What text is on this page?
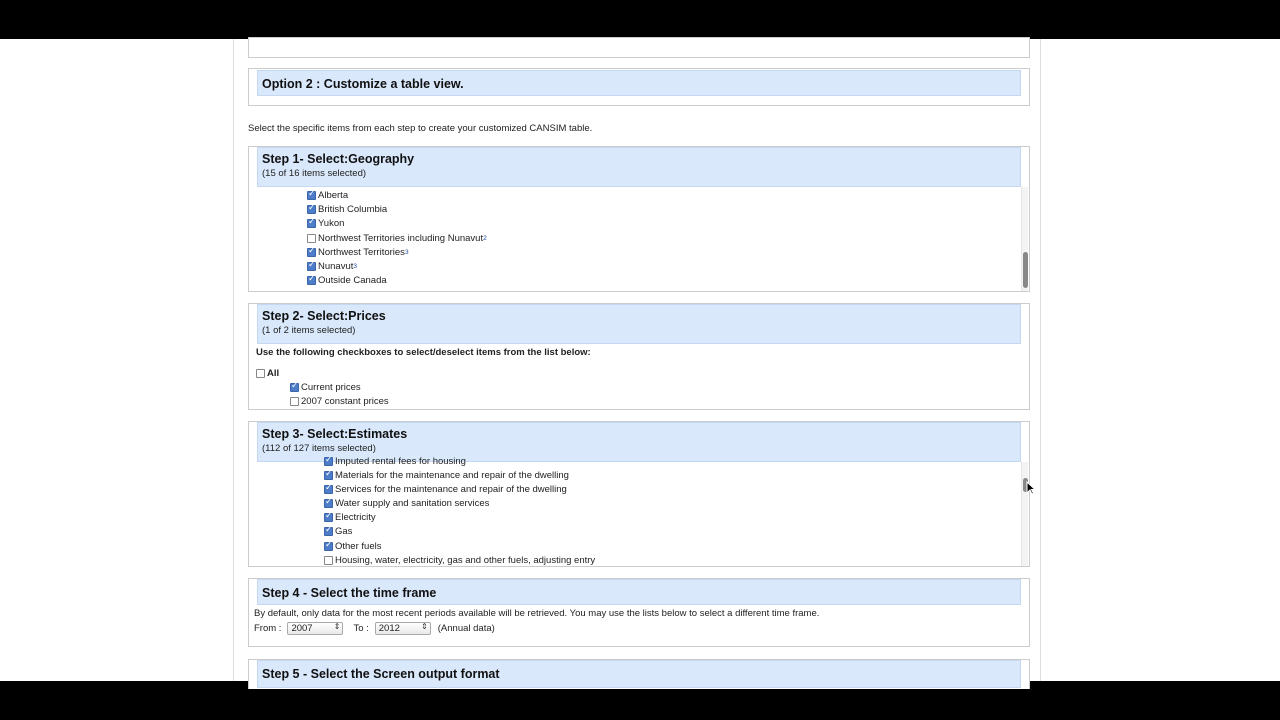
Option 2 : Customize a table view.
Select the specific items from each step to create your customized CANSIM table.
Step 1- Select:Geography
(15 of 16 items selected)
✓
Alberta
✓
British Columbia
✓
Yukon
Northwest Territories including Nunavut 2
✓
Northwest Territories 3
✓
Nunavut 3
✓
Outside Canada
Step 2- Select:Prices
(1 of 2 items selected)
Use the following checkboxes to select/deselect items from the list below:
All
✓
Current prices
2007 constant prices
Step 3- Select:Estimates
(112 of 127 items selected)
✓
Imputed rental fees for housing
✓
Materials for the maintenance and repair of the dwelling
✓
Services for the maintenance and repair of the dwelling
✓
Water supply and sanitation services
✓
Electricity
✓
Gas
✓
Other fuels
Housing, water, electricity, gas and other fuels, adjusting entry
Step 4 - Select the time frame
By default, only data for the most recent periods available will be retrieved. You may use the lists below to select a different time frame.
From :	2007	⇕ To :	2012	⇕ (Annual data)
Step 5 - Select the Screen output format
